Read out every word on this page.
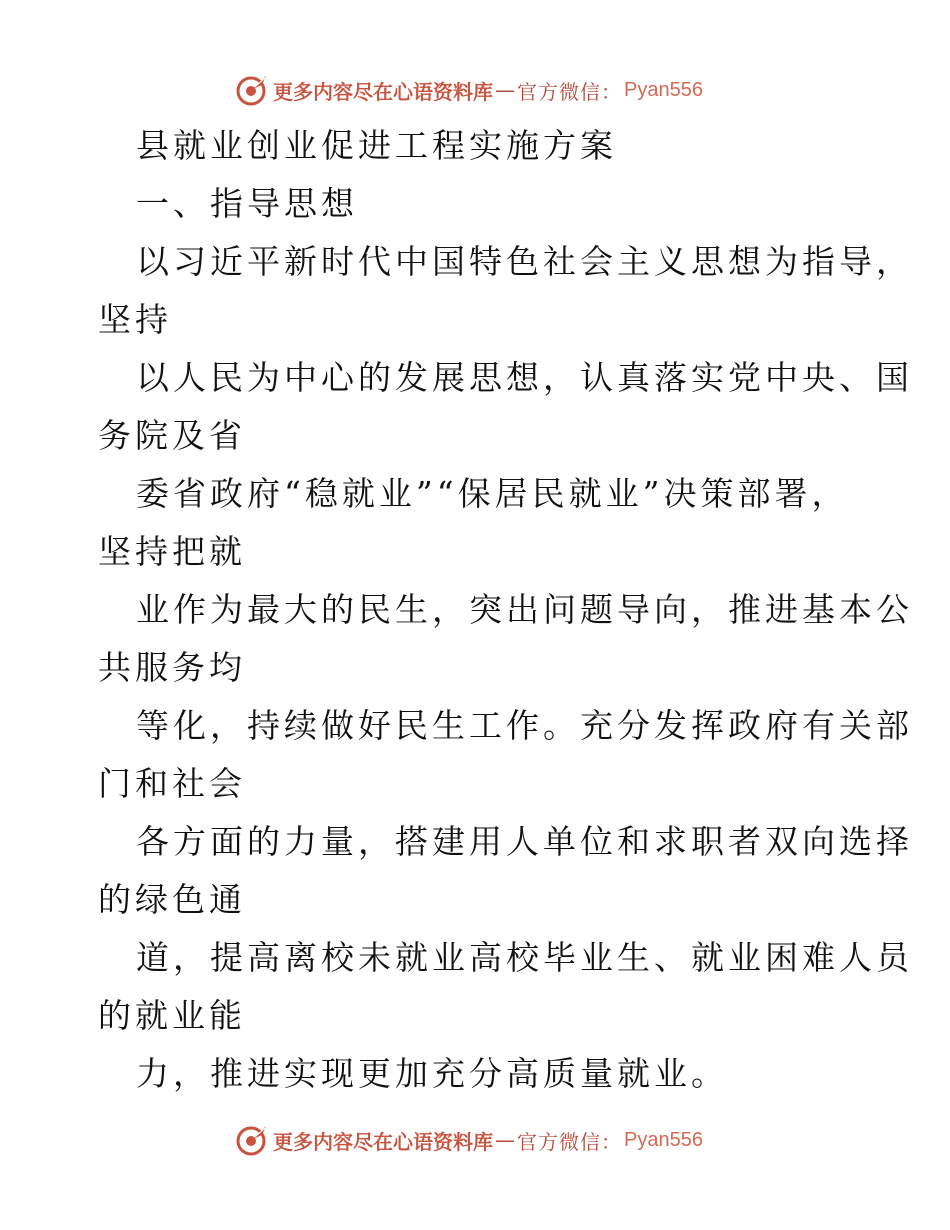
更多内容尽在心语资料库 — 官方微信： Pyan556
县就业创业促进工程实施方案
一、指导思想
以习近平新时代中国特色社会主义思想为指导，
坚持
以人民为中心的发展思想，认真落实党中央、国
务院及省
委省政府“稳就业”“保居民就业”决策部署，
坚持把就
业作为最大的民生，突出问题导向，推进基本公
共服务均
等化，持续做好民生工作。充分发挥政府有关部
门和社会
各方面的力量，搭建用人单位和求职者双向选择
的绿色通
道，提高离校未就业高校毕业生、就业困难人员
的就业能
力，推进实现更加充分高质量就业。
更多内容尽在心语资料库 — 官方微信： Pyan556
